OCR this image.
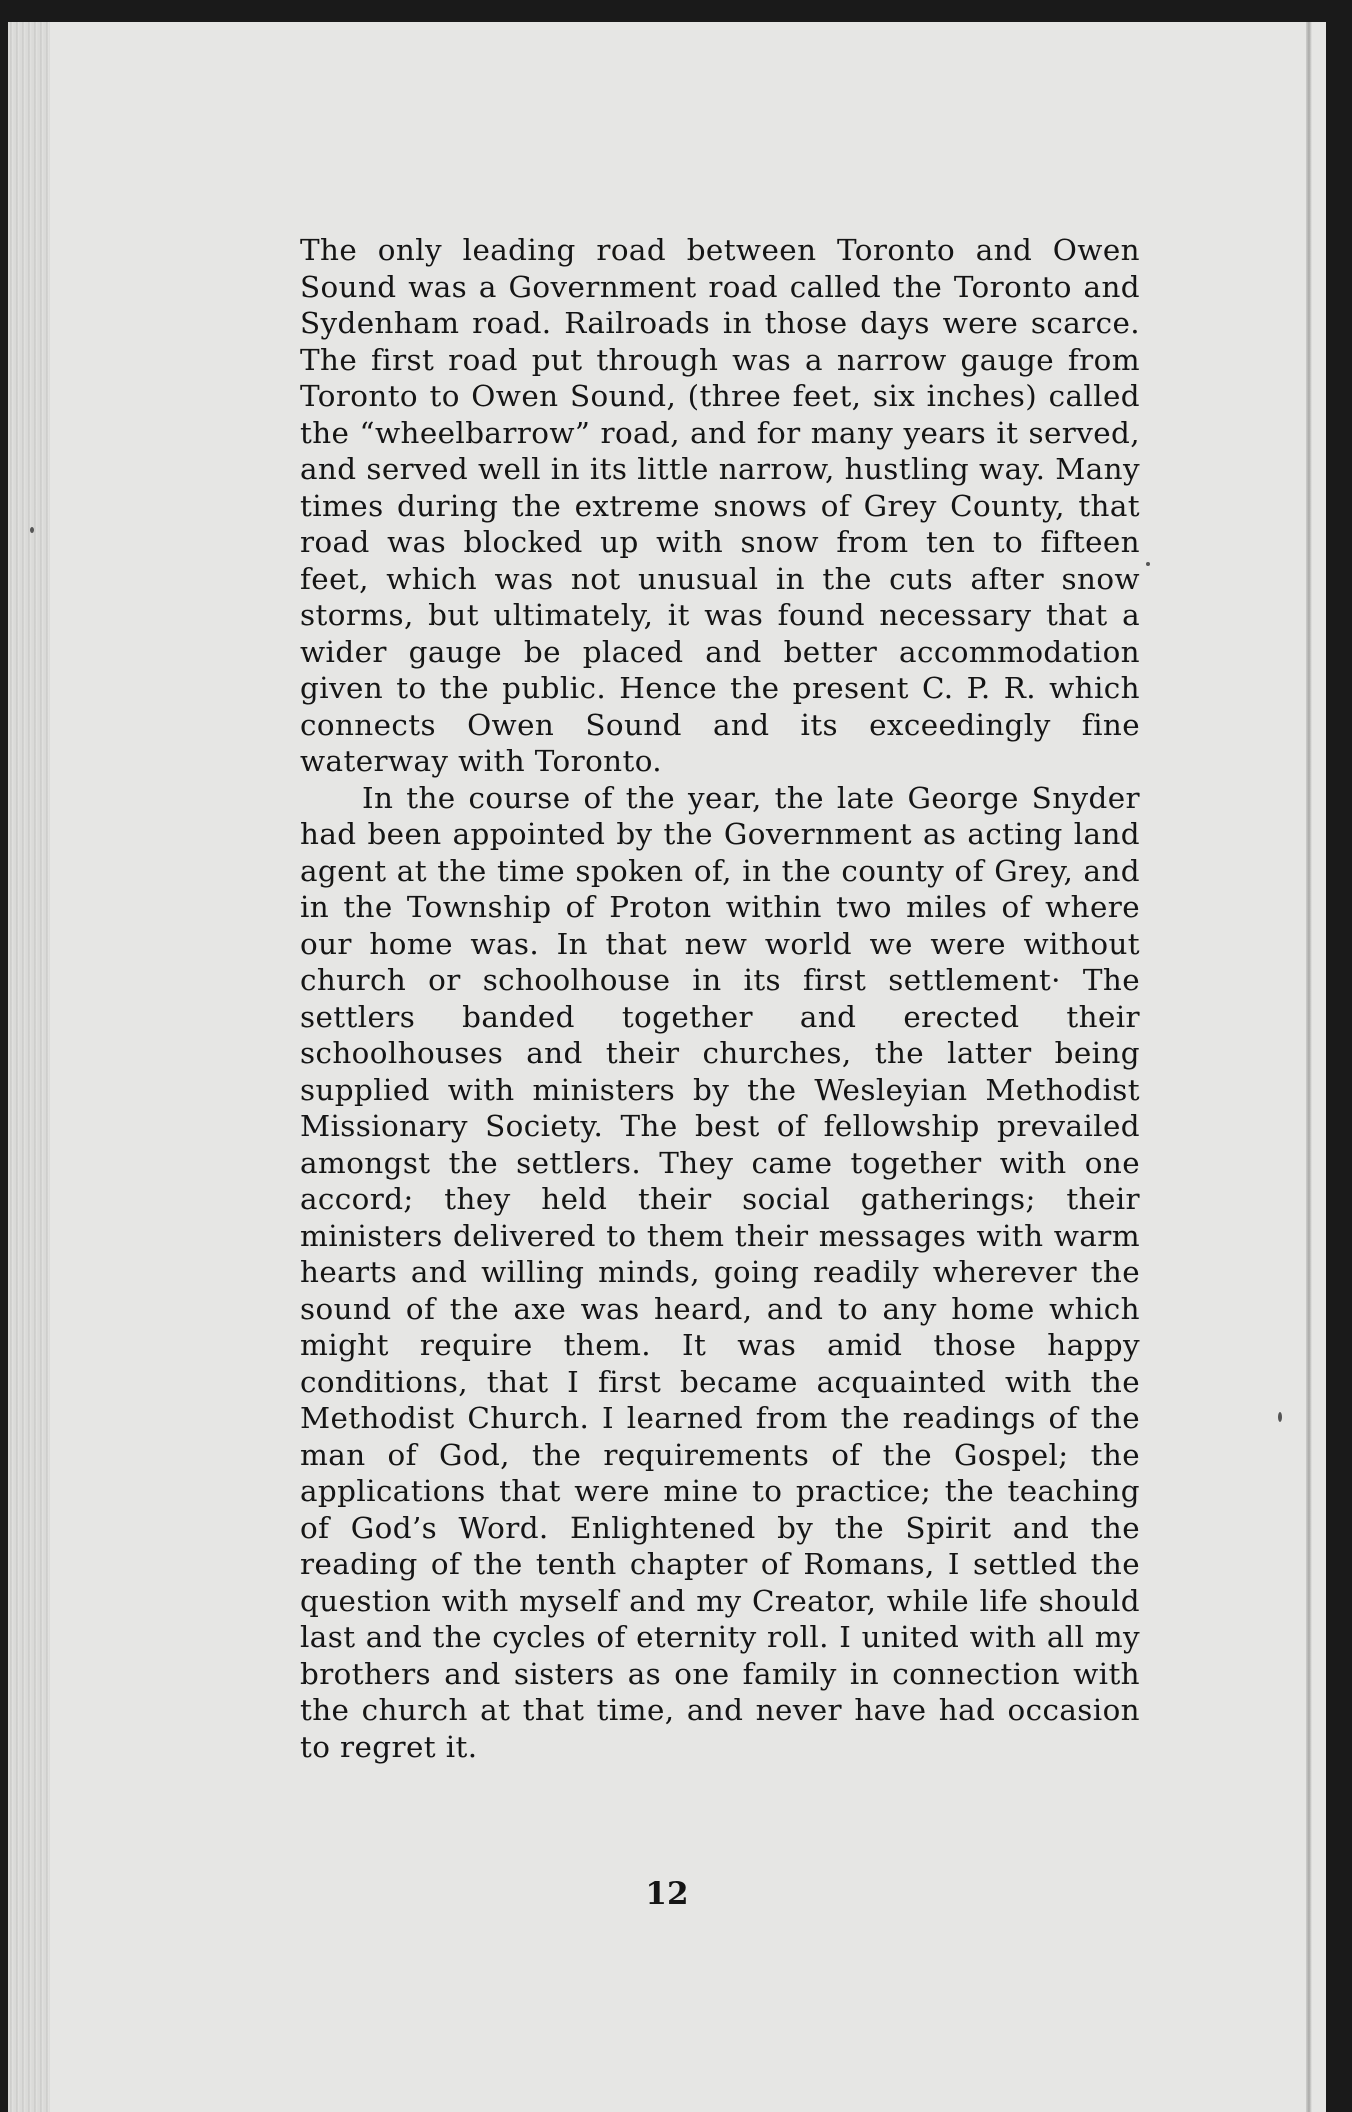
The only leading road between Toronto and Owen Sound was a Government road called the Toronto and Sydenham road. Railroads in those days were scarce. The first road put through was a narrow gauge from Toronto to Owen Sound, (three feet, six inches) called the “wheelbarrow” road, and for many years it served, and served well in its little narrow, hustling way. Many times during the extreme snows of Grey County, that road was blocked up with snow from ten to fifteen feet, which was not unusual in the cuts after snow storms, but ultimately, it was found necessary that a wider gauge be placed and better accommodation given to the public. Hence the present C. P. R. which connects Owen Sound and its exceedingly fine waterway with Toronto.

In the course of the year, the late George Snyder had been appointed by the Government as acting land agent at the time spoken of, in the county of Grey, and in the Township of Proton within two miles of where our home was. In that new world we were without church or schoolhouse in its first settlement· The settlers banded together and erected their schoolhouses and their churches, the latter being supplied with ministers by the Wesleyian Methodist Missionary Society. The best of fellowship prevailed amongst the settlers. They came together with one accord; they held their social gatherings; their ministers delivered to them their messages with warm hearts and willing minds, going readily wherever the sound of the axe was heard, and to any home which might require them. It was amid those happy conditions, that I first became acquainted with the Methodist Church. I learned from the readings of the man of God, the requirements of the Gospel; the applications that were mine to practice; the teaching of God’s Word. Enlightened by the Spirit and the reading of the tenth chapter of Romans, I settled the question with myself and my Creator, while life should last and the cycles of eternity roll. I united with all my brothers and sisters as one family in connection with the church at that time, and never have had occasion to regret it.

12
